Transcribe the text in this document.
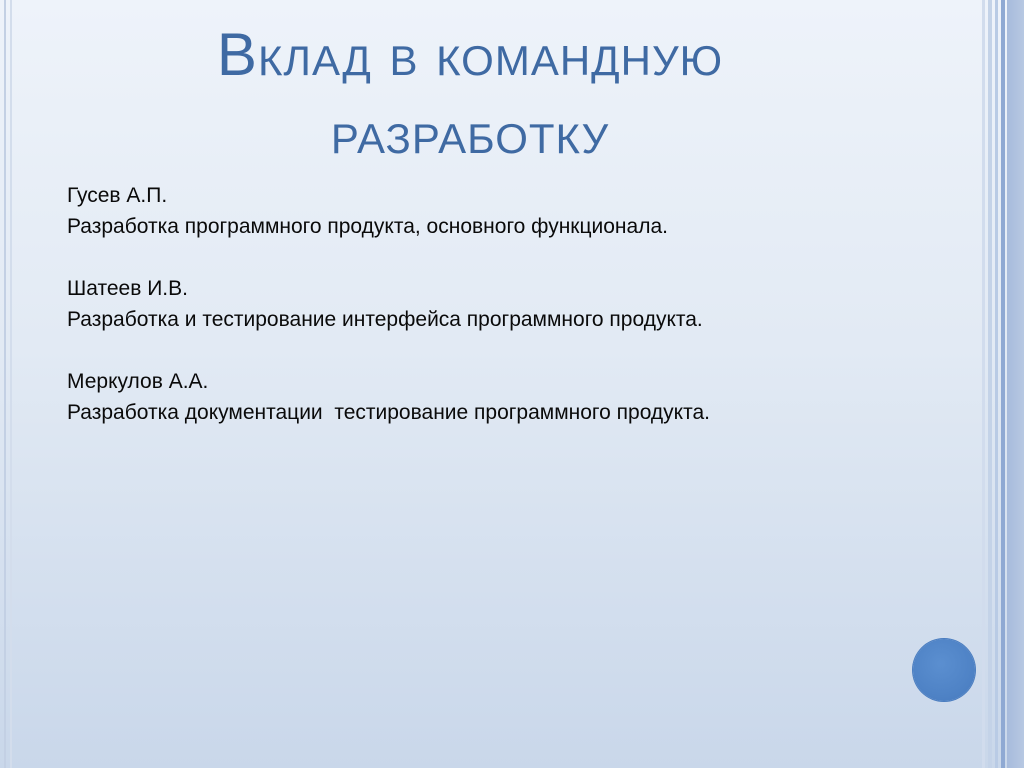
Вклад в командную
разработку

Гусев А.П.

Разработка программного продукта, основного функционала.

Шатеев И.В.

Разработка и тестирование интерфейса программного продукта.

Меркулов А.А.

Разработка документации  тестирование программного продукта.
